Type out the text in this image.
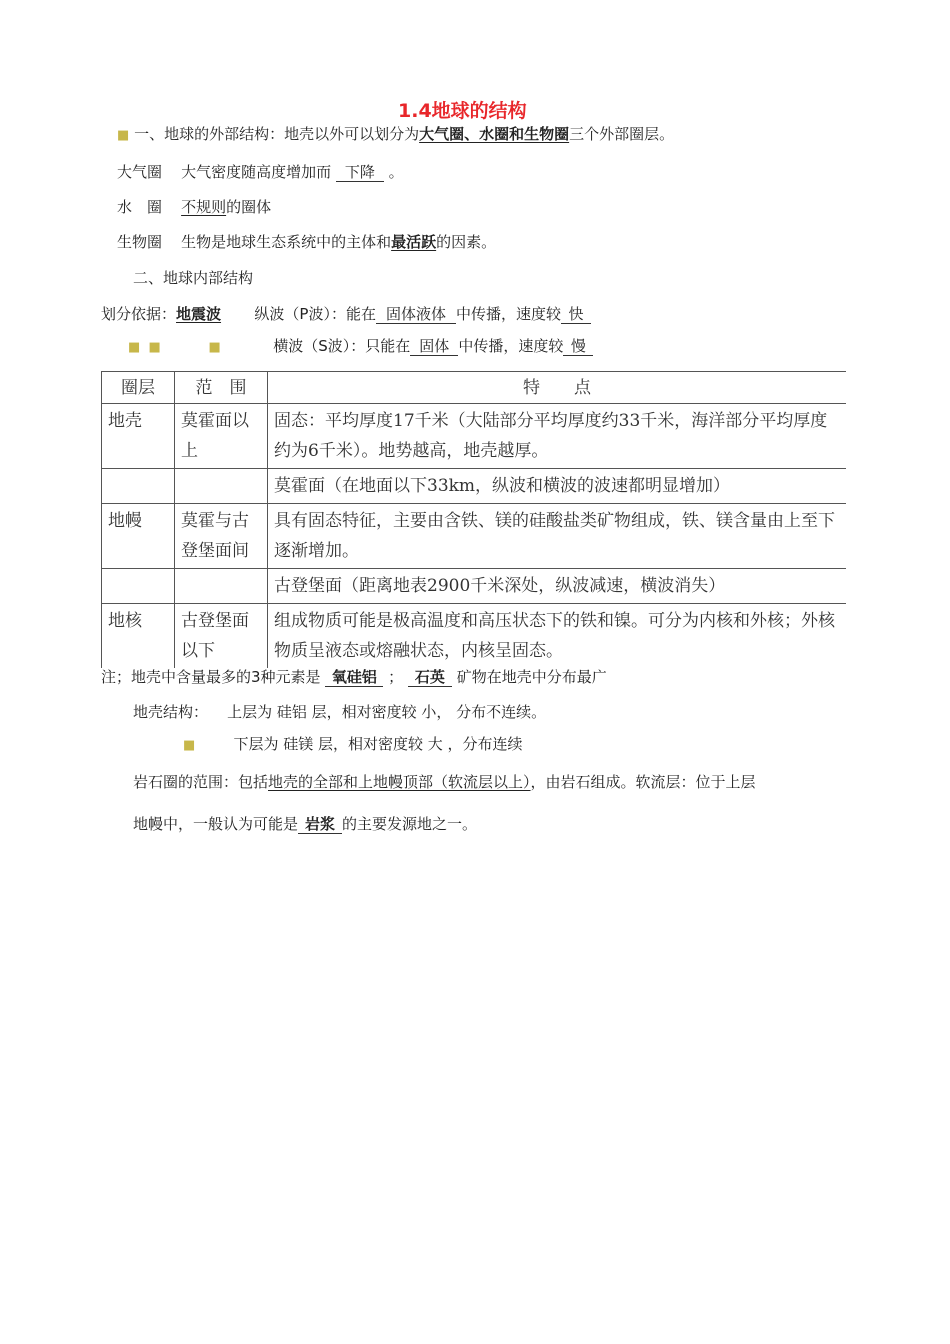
1.4地球的结构
■ 一、地球的外部结构：地壳以外可以划分为大气圈、水圈和生物圈三个外部圈层。
大气圈 大气密度随高度增加而 下降 。
水　圈 不规则的圈体
生物圈 生物是地球生态系统中的主体和最活跃的因素。
二、地球内部结构
划分依据：地震波 纵波（P波）：能在 固体液体 中传播，速度较 快
■  ■	■	横波（S波）：只能在 固体 中传播，速度较 慢
圈层	范　围	特　　点
地壳	莫霍面以上	固态：平均厚度17千米（大陆部分平均厚度约33千米，海洋部分平均厚度约为6千米）。地势越高，地壳越厚。
		莫霍面（在地面以下33km，纵波和横波的波速都明显增加）
地幔	莫霍与古登堡面间	具有固态特征，主要由含铁、镁的硅酸盐类矿物组成，铁、镁含量由上至下逐渐增加。
		古登堡面（距离地表2900千米深处，纵波减速，横波消失）
地核	古登堡面以下	组成物质可能是极高温度和高压状态下的铁和镍。可分为内核和外核；外核物质呈液态或熔融状态，内核呈固态。
注；地壳中含量最多的3种元素是 氧硅铝 ； 石英 矿物在地壳中分布最广
地壳结构： 上层为 硅铝 层，相对密度较 小， 分布不连续。
■	下层为 硅镁 层，相对密度较 大 ，分布连续
岩石圈的范围：包括地壳的全部和上地幔顶部（软流层以上），由岩石组成。软流层：位于上层
地幔中，一般认为可能是 岩浆 的主要发源地之一。
